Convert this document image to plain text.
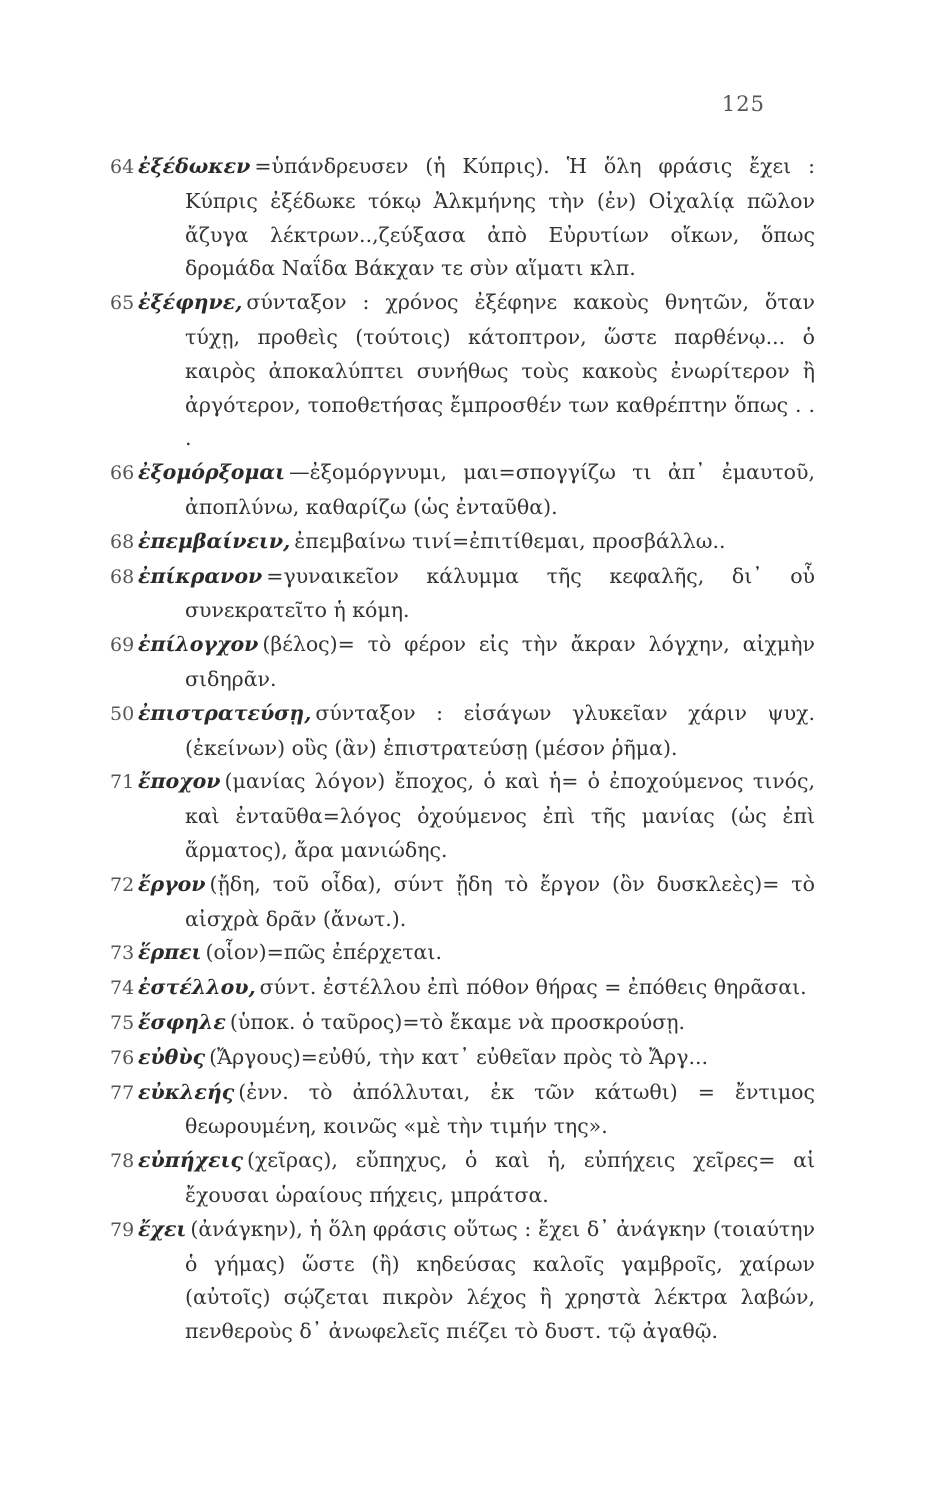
125
64 ἐξέδωκεν =ὑπάνδρευσεν (ἡ Κύπρις). Ἡ ὅλη φράσις ἔχει : Κύπρις ἐξέδωκε τόκῳ Ἀλκμήνης τὴν (ἐν) Οἰχαλίᾳ πῶλον ἄζυγα λέκτρων..,ζεύξασα ἀπὸ Εὐρυτίων οἴκων, ὅπως δρομάδα Ναΐδα Βάκχαν τε σὺν αἵματι κλπ.
65 ἐξέφηνε, σύνταξον : χρόνος ἐξέφηνε κακοὺς θνητῶν, ὅταν τύχῃ, προθεὶς (τούτοις) κάτοπτρον, ὥστε παρθένῳ... ὁ καιρὸς ἀποκαλύπτει συνήθως τοὺς κακοὺς ἐνωρίτερον ἢ ἀργότερον, τοποθετήσας ἔμπροσθέν των καθρέπτην ὅπως . . .
66 ἐξομόρξομαι —ἐξομόργνυμι, μαι=σπογγίζω τι ἀπ᾽ ἐμαυτοῦ, ἀποπλύνω, καθαρίζω (ὡς ἐνταῦθα).
68 ἐπεμβαίνειν, ἐπεμβαίνω τινί=ἐπιτίθεμαι, προσβάλλω..
68 ἐπίκρανον =γυναικεῖον κάλυμμα τῆς κεφαλῆς, δι᾽ οὗ συνεκρατεῖτο ἡ κόμη.
69 ἐπίλογχον (βέλος)= τὸ φέρον εἰς τὴν ἄκραν λόγχην, αἰχμὴν σιδηρᾶν.
50 ἐπιστρατεύσῃ, σύνταξον : εἰσάγων γλυκεῖαν χάριν ψυχ. (ἐκείνων) οὓς (ἂν) ἐπιστρατεύσῃ (μέσον ῥῆμα).
71 ἔποχον (μανίας λόγον) ἔποχος, ὁ καὶ ἡ= ὁ ἐποχούμενος τινός, καὶ ἐνταῦθα=λόγος ὀχούμενος ἐπὶ τῆς μανίας (ὡς ἐπὶ ἅρματος), ἄρα μανιώδης.
72 ἔργον (ᾔδη, τοῦ οἶδα), σύντ ᾔδη τὸ ἔργον (ὂν δυσκλεὲς)= τὸ αἰσχρὰ δρᾶν (ἄνωτ.).
73 ἕρπει (οἷον)=πῶς ἐπέρχεται.
74 ἐστέλλου, σύντ. ἐστέλλου ἐπὶ πόθον θήρας = ἐπόθεις θηρᾶσαι.
75 ἔσφηλε (ὑποκ. ὁ ταῦρος)=τὸ ἔκαμε νὰ προσκρούσῃ.
76 εὐθὺς (Ἄργους)=εὐθύ, τὴν κατ᾽ εὐθεῖαν πρὸς τὸ Ἄργ...
77 εὐκλεής (ἐνν. τὸ ἀπόλλυται, ἐκ τῶν κάτωθι) = ἔντιμος θεωρουμένη, κοινῶς «μὲ τὴν τιμήν της».
78 εὐπήχεις (χεῖρας), εὔπηχυς, ὁ καὶ ἡ, εὐπήχεις χεῖρες= αἱ ἔχουσαι ὡραίους πήχεις, μπράτσα.
79 ἔχει (ἀνάγκην), ἡ ὅλη φράσις οὕτως : ἔχει δ᾽ ἀνάγκην (τοιαύτην ὁ γήμας) ὥστε (ἢ) κηδεύσας καλοῖς γαμβροῖς, χαίρων (αὐτοῖς) σῴζεται πικρὸν λέχος ἢ χρηστὰ λέκτρα λαβών, πενθεροὺς δ᾽ ἀνωφελεῖς πιέζει τὸ δυστ. τῷ ἀγαθῷ.
